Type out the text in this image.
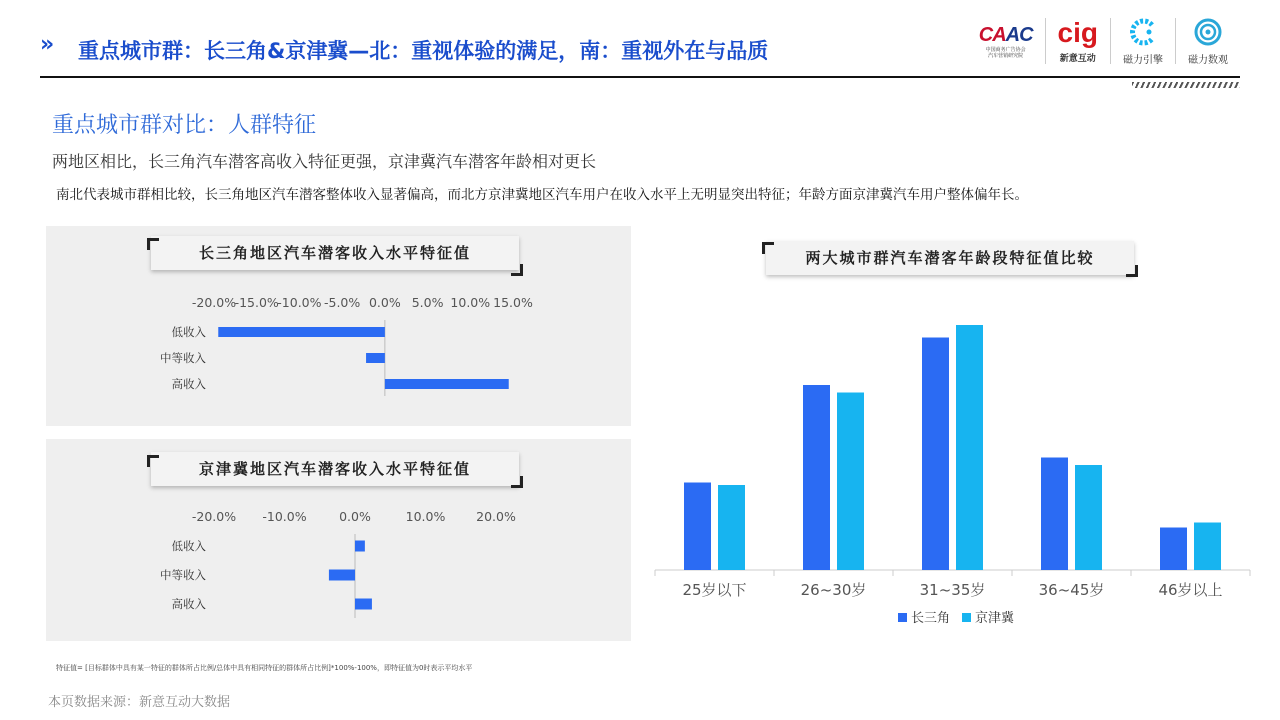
» 重点城市群：长三角&京津冀—北：重视体验的满足，南：重视外在与品质
CAAC
中国商务广告协会
汽车营销研究院
cig
新意互动	磁力引擎	磁力数观
重点城市群对比：人群特征
两地区相比，长三角汽车潜客高收入特征更强，京津冀汽车潜客年龄相对更长
南北代表城市群相比较，长三角地区汽车潜客整体收入显著偏高，而北方京津冀地区汽车用户在收入水平上无明显突出特征；年龄方面京津冀汽车用户整体偏年长。
长三角地区汽车潜客收入水平特征值
-20.0%
-15.0%
-10.0% -5.0% 0.0% 5.0% 10.0% 15.0%
低收入
中等收入
高收入
京津冀地区汽车潜客收入水平特征值
-20.0% -10.0%	0.0%	10.0% 20.0%
低收入
中等收入
高收入
两大城市群汽车潜客年龄段特征值比较
25岁以下	26~30岁	31~35岁	36~45岁	46岁以上
长三角 京津冀
特征值= [目标群体中具有某一特征的群体所占比例/总体中具有相同特征的群体所占比例]*100%-100%，即特征值为0时表示平均水平
本页数据来源：新意互动大数据
